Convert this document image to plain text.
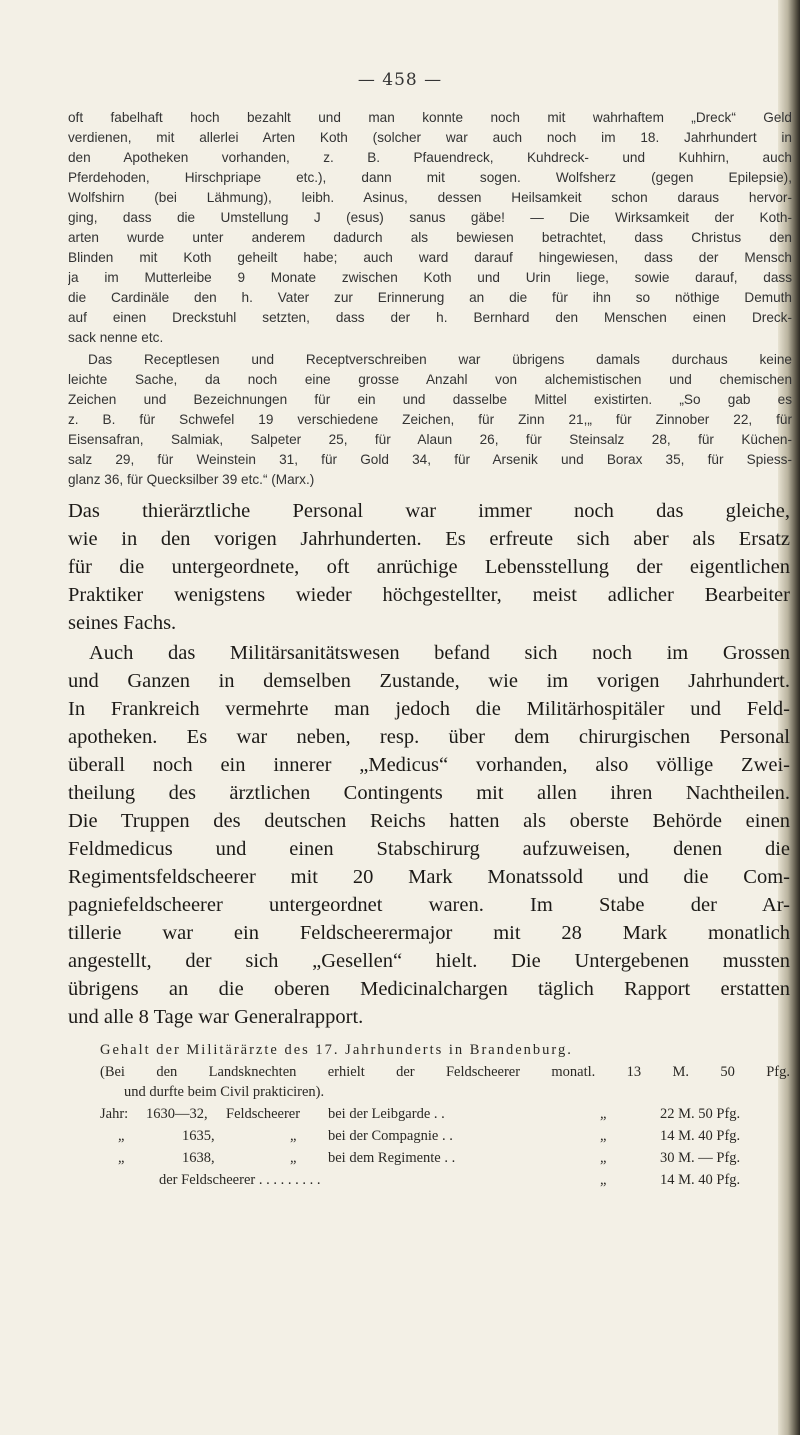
— 458 —
oft fabelhaft hoch bezahlt und man konnte noch mit wahrhaftem „Dreck“ Geld
verdienen, mit allerlei Arten Koth (solcher war auch noch im 18. Jahrhundert in
den Apotheken vorhanden, z. B. Pfauendreck, Kuhdreck- und Kuhhirn, auch
Pferdehoden, Hirschpriape etc.), dann mit sogen. Wolfsherz (gegen Epilepsie),
Wolfshirn (bei Lähmung), leibh. Asinus, dessen Heilsamkeit schon daraus hervor-
ging, dass die Umstellung J (esus) sanus gäbe! — Die Wirksamkeit der Koth-
arten wurde unter anderem dadurch als bewiesen betrachtet, dass Christus den
Blinden mit Koth geheilt habe; auch ward darauf hingewiesen, dass der Mensch
ja im Mutterleibe 9 Monate zwischen Koth und Urin liege, sowie darauf, dass
die Cardinäle den h. Vater zur Erinnerung an die für ihn so nöthige Demuth
auf einen Dreckstuhl setzten, dass der h. Bernhard den Menschen einen Dreck-
sack nenne etc.
Das Receptlesen und Receptverschreiben war übrigens damals durchaus keine
leichte Sache, da noch eine grosse Anzahl von alchemistischen und chemischen
Zeichen und Bezeichnungen für ein und dasselbe Mittel existirten. „So gab es
z. B. für Schwefel 19 verschiedene Zeichen, für Zinn 21,„ für Zinnober 22, für
Eisensafran, Salmiak, Salpeter 25, für Alaun 26, für Steinsalz 28, für Küchen-
salz 29, für Weinstein 31, für Gold 34, für Arsenik und Borax 35, für Spiess-
glanz 36, für Quecksilber 39 etc.“ (Marx.)
Das thierärztliche Personal war immer noch das gleiche,
wie in den vorigen Jahrhunderten. Es erfreute sich aber als Ersatz
für die untergeordnete, oft anrüchige Lebensstellung der eigentlichen
Praktiker wenigstens wieder höchgestellter, meist adlicher Bearbeiter
seines Fachs.
Auch das Militärsanitätswesen befand sich noch im Grossen
und Ganzen in demselben Zustande, wie im vorigen Jahrhundert.
In Frankreich vermehrte man jedoch die Militärhospitäler und Feld-
apotheken. Es war neben, resp. über dem chirurgischen Personal
überall noch ein innerer „Medicus“ vorhanden, also völlige Zwei-
theilung des ärztlichen Contingents mit allen ihren Nachtheilen.
Die Truppen des deutschen Reichs hatten als oberste Behörde einen
Feldmedicus und einen Stabschirurg aufzuweisen, denen die
Regimentsfeldscheerer mit 20 Mark Monatssold und die Com-
pagniefeldscheerer untergeordnet waren. Im Stabe der Ar-
tillerie war ein Feldscheerermajor mit 28 Mark monatlich
angestellt, der sich „Gesellen“ hielt. Die Untergebenen mussten
übrigens an die oberen Medicinalchargen täglich Rapport erstatten
und alle 8 Tage war Generalrapport.
Gehalt der Militärärzte des 17. Jahrhunderts in Brandenburg.
(Bei den Landsknechten erhielt der Feldscheerer monatl. 13 M. 50 Pfg.
und durfte beim Civil prakticiren).
Jahr: 1630—32, Feldscheerer bei der Leibgarde . .	„	22 M. 50 Pfg.
„	1635,	„ bei der Compagnie . .	„	14 M. 40 Pfg.
„	1638,	„ bei dem Regimente . .	„	30 M. — Pfg.
der Feldscheerer . . . . . . . . .	„	14 M. 40 Pfg.
